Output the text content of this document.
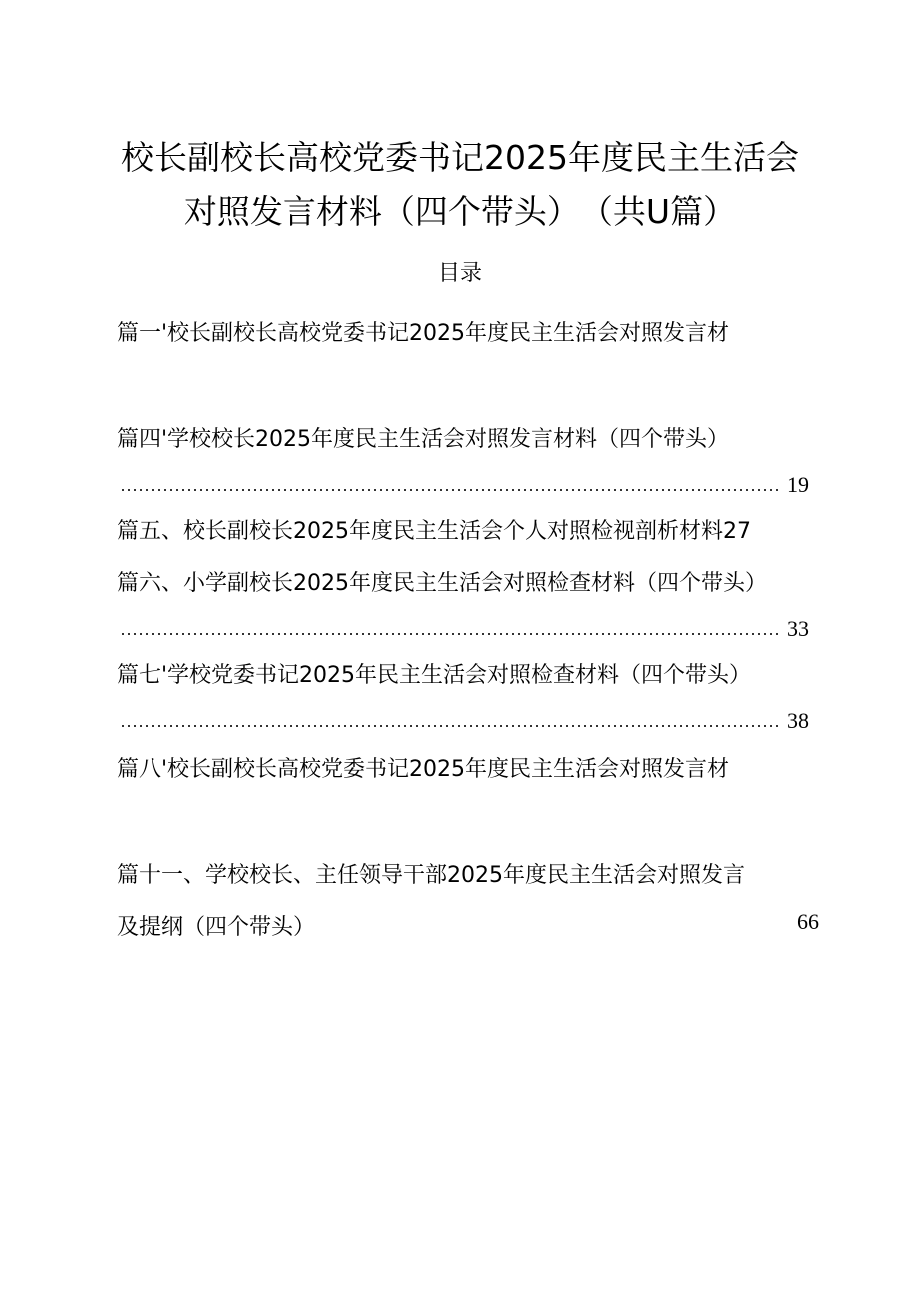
校长副校长高校党委书记2025年度民主生活会
对照发言材料（四个带头）　（共U篇）
目录
篇一'校长副校长高校党委书记2025年度民主生活会对照发言材
篇四'学校校长2025年度民主生活会对照发言材料（四个带头）
19
篇五、校长副校长2025年度民主生活会个人对照检视剖析材料27
篇六、小学副校长2025年度民主生活会对照检查材料（四个带头）
33
篇七'学校党委书记2025年民主生活会对照检查材料（四个带头）
38
篇八'校长副校长高校党委书记2025年度民主生活会对照发言材
篇十一、学校校长、主任领导干部2025年度民主生活会对照发言
及提纲（四个带头）	66
